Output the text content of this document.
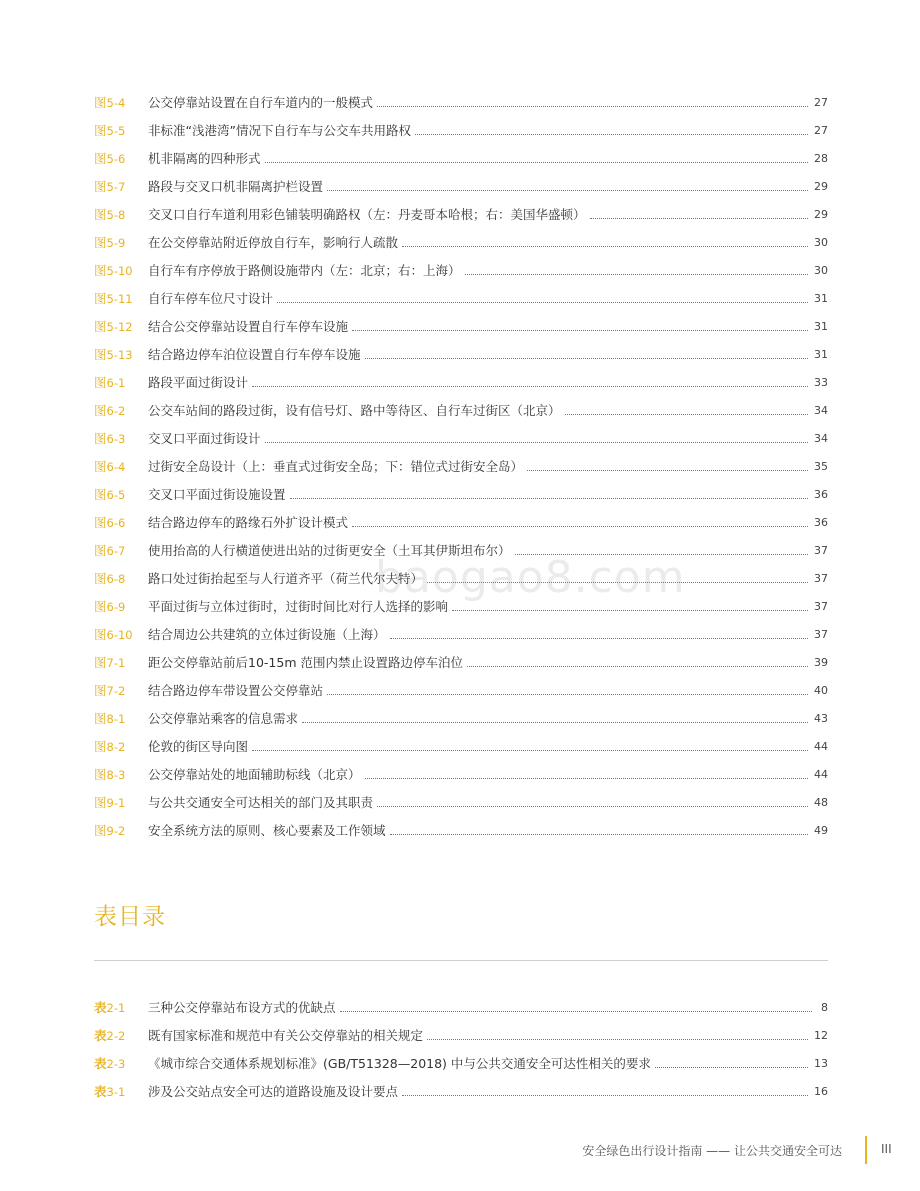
baogao8.com
图5-4	公交停靠站设置在自行车道内的一般模式	27
图5-5	非标准“浅港湾”情况下自行车与公交车共用路权	27
图5-6	机非隔离的四种形式	28
图5-7	路段与交叉口机非隔离护栏设置	29
图5-8	交叉口自行车道利用彩色铺装明确路权（左：丹麦哥本哈根；右：美国华盛顿）	29
图5-9	在公交停靠站附近停放自行车，影响行人疏散	30
图5-10	自行车有序停放于路侧设施带内（左：北京；右：上海）	30
图5-11	自行车停车位尺寸设计	31
图5-12	结合公交停靠站设置自行车停车设施	31
图5-13	结合路边停车泊位设置自行车停车设施	31
图6-1	路段平面过街设计	33
图6-2	公交车站间的路段过街，设有信号灯、路中等待区、自行车过街区（北京）	34
图6-3	交叉口平面过街设计	34
图6-4	过街安全岛设计（上：垂直式过街安全岛；下：错位式过街安全岛）	35
图6-5	交叉口平面过街设施设置	36
图6-6	结合路边停车的路缘石外扩设计模式	36
图6-7	使用抬高的人行横道使进出站的过街更安全（土耳其伊斯坦布尔）	37
图6-8	路口处过街抬起至与人行道齐平（荷兰代尔夫特）	37
图6-9	平面过街与立体过街时，过街时间比对行人选择的影响	37
图6-10	结合周边公共建筑的立体过街设施（上海）	37
图7-1	距公交停靠站前后10-15m 范围内禁止设置路边停车泊位	39
图7-2	结合路边停车带设置公交停靠站	40
图8-1	公交停靠站乘客的信息需求	43
图8-2	伦敦的街区导向图	44
图8-3	公交停靠站处的地面辅助标线（北京）	44
图9-1	与公共交通安全可达相关的部门及其职责	48
图9-2	安全系统方法的原则、核心要素及工作领域	49
表目录
表2-1	三种公交停靠站布设方式的优缺点	8
表2-2	既有国家标准和规范中有关公交停靠站的相关规定	12
表2-3	《城市综合交通体系规划标准》(GB/T51328—2018) 中与公共交通安全可达性相关的要求	13
表3-1	涉及公交站点安全可达的道路设施及设计要点	16
安全绿色出行设计指南 —— 让公共交通安全可达	III
